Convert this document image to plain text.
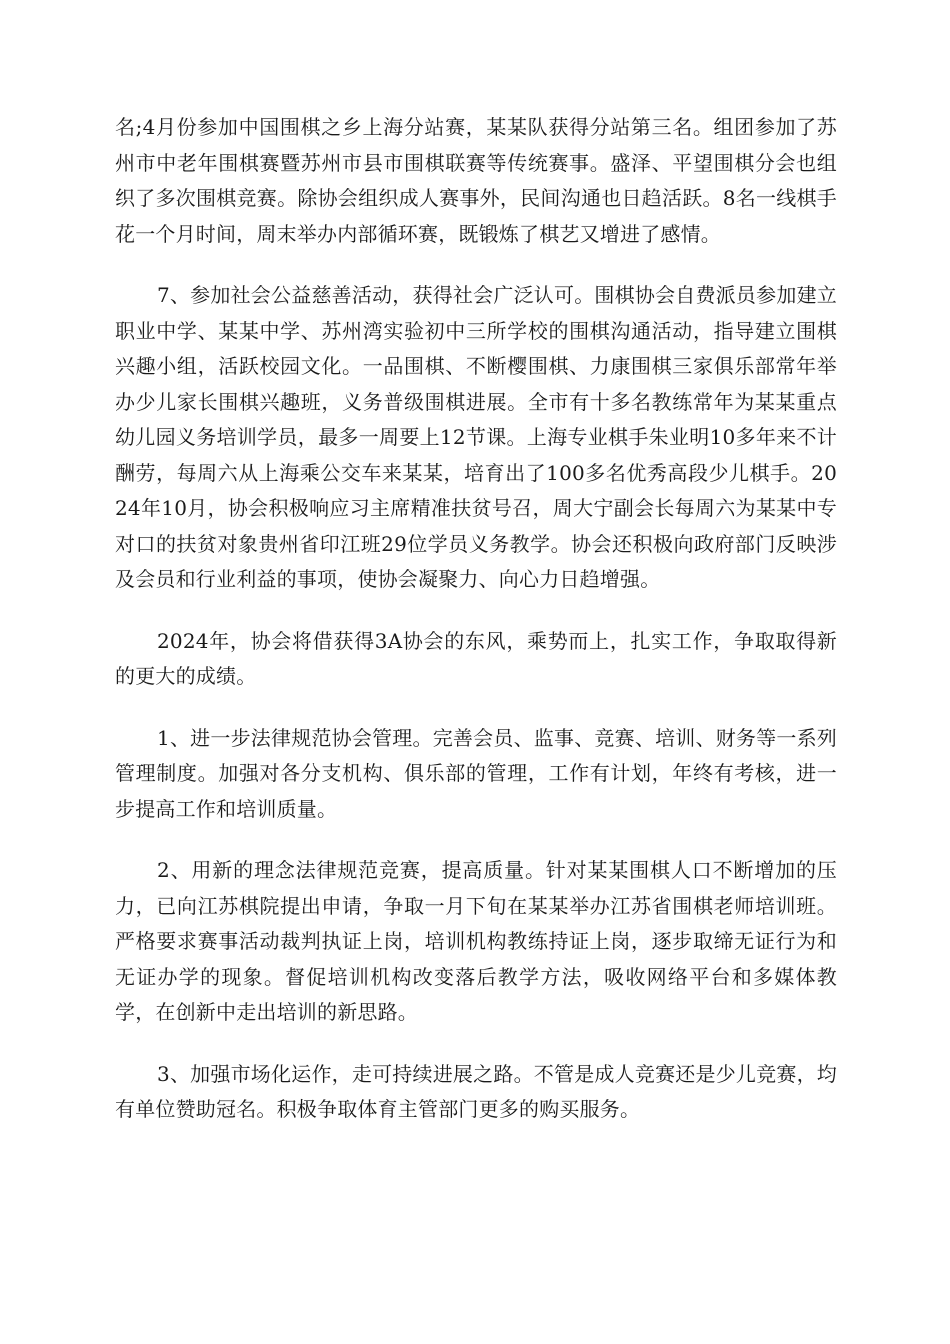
名;4月份参加中国围棋之乡上海分站赛，某某队获得分站第三名。组团参加了苏州市中老年围棋赛暨苏州市县市围棋联赛等传统赛事。盛泽、平望围棋分会也组织了多次围棋竞赛。除协会组织成人赛事外，民间沟通也日趋活跃。8名一线棋手花一个月时间，周末举办内部循环赛，既锻炼了棋艺又增进了感情。

7、参加社会公益慈善活动，获得社会广泛认可。围棋协会自费派员参加建立职业中学、某某中学、苏州湾实验初中三所学校的围棋沟通活动，指导建立围棋兴趣小组，活跃校园文化。一品围棋、不断樱围棋、力康围棋三家俱乐部常年举办少儿家长围棋兴趣班，义务普级围棋进展。全市有十多名教练常年为某某重点幼儿园义务培训学员，最多一周要上12节课。上海专业棋手朱业明10多年来不计酬劳，每周六从上海乘公交车来某某，培育出了100多名优秀高段少儿棋手。2024年10月，协会积极响应习主席精准扶贫号召，周大宁副会长每周六为某某中专对口的扶贫对象贵州省印江班29位学员义务教学。协会还积极向政府部门反映涉及会员和行业利益的事项，使协会凝聚力、向心力日趋增强。

2024年，协会将借获得3A协会的东风，乘势而上，扎实工作，争取取得新的更大的成绩。

1、进一步法律规范协会管理。完善会员、监事、竞赛、培训、财务等一系列管理制度。加强对各分支机构、俱乐部的管理，工作有计划，年终有考核，进一步提高工作和培训质量。

2、用新的理念法律规范竞赛，提高质量。针对某某围棋人口不断增加的压力，已向江苏棋院提出申请，争取一月下旬在某某举办江苏省围棋老师培训班。严格要求赛事活动裁判执证上岗，培训机构教练持证上岗，逐步取缔无证行为和无证办学的现象。督促培训机构改变落后教学方法，吸收网络平台和多媒体教学，在创新中走出培训的新思路。

3、加强市场化运作，走可持续进展之路。不管是成人竞赛还是少儿竞赛，均有单位赞助冠名。积极争取体育主管部门更多的购买服务。
